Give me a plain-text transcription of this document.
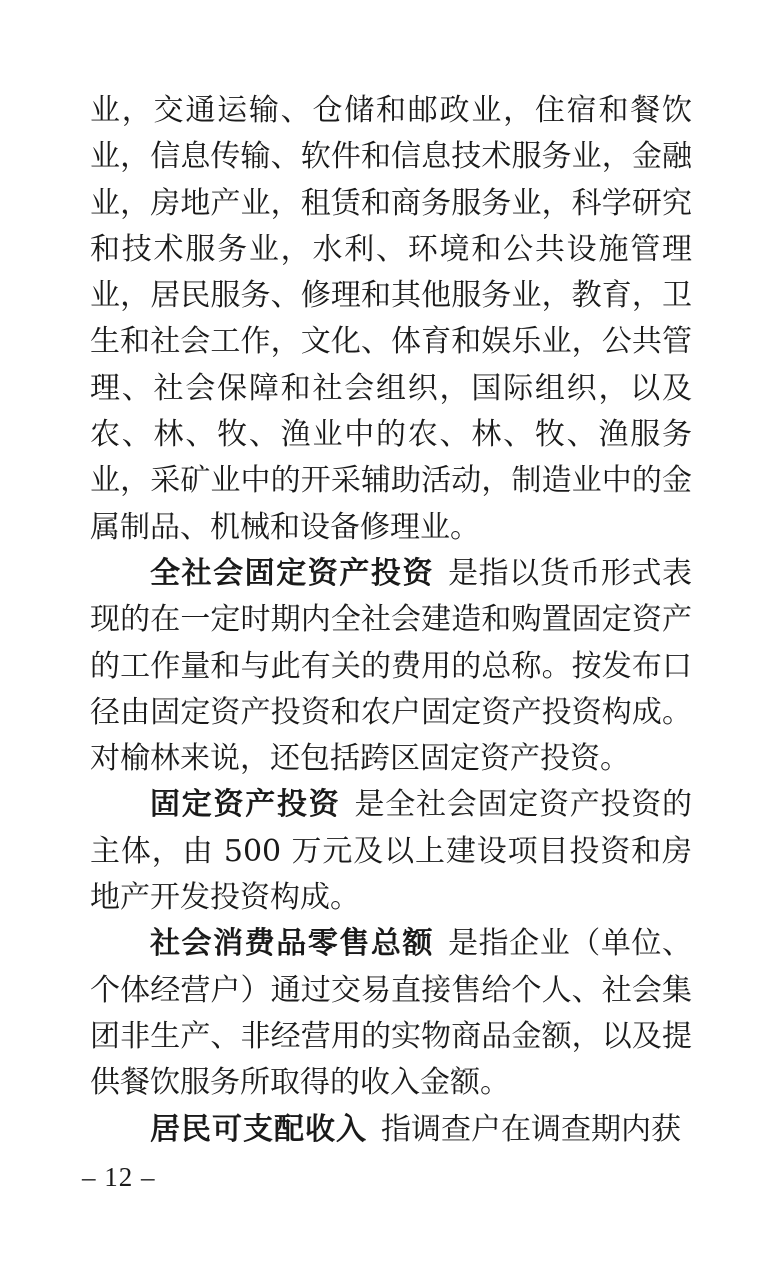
业，交通运输、仓储和邮政业，住宿和餐饮业，信息传输、软件和信息技术服务业，金融业，房地产业，租赁和商务服务业，科学研究和技术服务业，水利、环境和公共设施管理业，居民服务、修理和其他服务业，教育，卫生和社会工作，文化、体育和娱乐业，公共管理、社会保障和社会组织，国际组织，以及农、林、牧、渔业中的农、林、牧、渔服务业，采矿业中的开采辅助活动，制造业中的金属制品、机械和设备修理业。

全社会固定资产投资 是指以货币形式表现的在一定时期内全社会建造和购置固定资产的工作量和与此有关的费用的总称。按发布口径由固定资产投资和农户固定资产投资构成。对榆林来说，还包括跨区固定资产投资。

固定资产投资 是全社会固定资产投资的主体，由 500 万元及以上建设项目投资和房地产开发投资构成。

社会消费品零售总额 是指企业（单位、个体经营户）通过交易直接售给个人、社会集团非生产、非经营用的实物商品金额，以及提供餐饮服务所取得的收入金额。

居民可支配收入 指调查户在调查期内获

– 12 –
